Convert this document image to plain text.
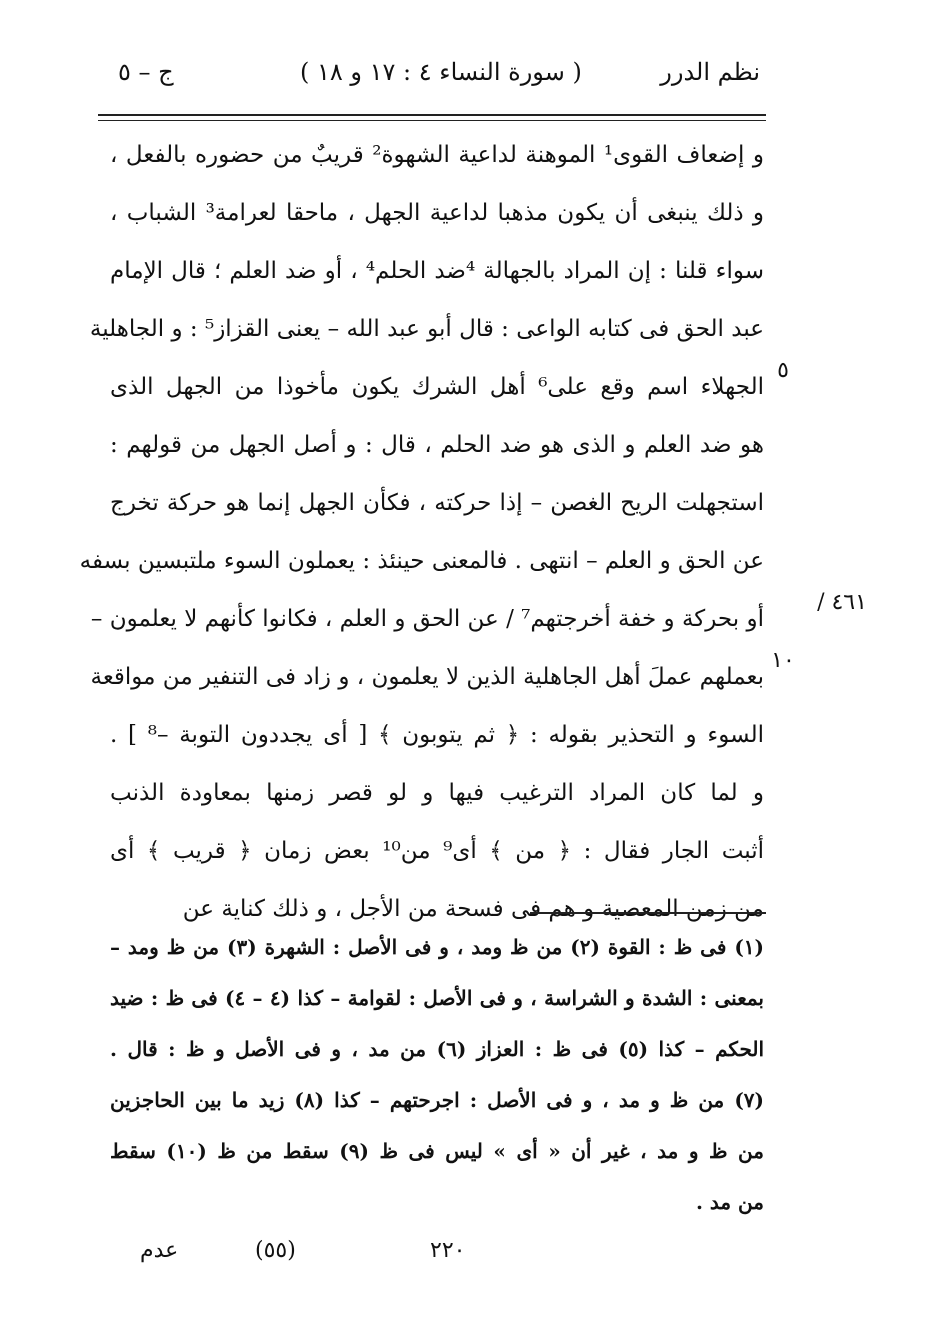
نظم الدرر
( سورة النساء ٤ : ١٧ و ١٨ )
ج – ٥
و إضعاف القوى¹ الموهنة لداعية الشهوة² قريبٌ من حضوره بالفعل ،
و ذلك ينبغى أن يكون مذهبا لداعية الجهل ، ماحقا لعرامة³ الشباب ،
سواء قلنا : إن المراد بالجهالة ⁴ضد الحلم⁴ ، أو ضد العلم ؛ قال الإمام
عبد الحق فى كتابه الواعى : قال أبو عبد الله – يعنى القزاز⁵ : و الجاهلية
الجهلاء اسم وقع على⁶ أهل الشرك يكون مأخوذا من الجهل الذى
هو ضد العلم و الذى هو ضد الحلم ، قال : و أصل الجهل من قولهم :
استجهلت الريح الغصن – إذا حركته ، فكأن الجهل إنما هو حركة تخرج
عن الحق و العلم – انتهى . فالمعنى حينئذ : يعملون السوء ملتبسين بسفه
أو بحركة و خفة أخرجتهم⁷ / عن الحق و العلم ، فكانوا كأنهم لا يعلمون –
بعملهم عملَ أهل الجاهلية الذين لا يعلمون ، و زاد فى التنفير من مواقعة
السوء و التحذير بقوله : ﴿ ثم يتوبون ﴾ [ أى يجددون التوبة –⁸ ] .
و لما كان المراد الترغيب فيها و لو قصر زمنها بمعاودة الذنب
أثبت الجار فقال : ﴿ من ﴾ أى⁹ من¹⁰ بعض زمان ﴿ قريب ﴾ أى
من زمن المعصية و هم فى فسحة من الأجل ، و ذلك كناية عن
٥
١٠
٤٦١ /
(١) فى ظ : القوة (٢) من ظ ومد ، و فى الأصل : الشهرة (٣) من ظ ومد –
بمعنى : الشدة و الشراسة ، و فى الأصل : لقوامة – كذا (٤ – ٤) فى ظ : ضيد
الحكم – كذا (٥) فى ظ : العزاز (٦) من مد ، و فى الأصل و ظ : قال .
(٧) من ظ و مد ، و فى الأصل : اجرحتهم – كذا (٨) زيد ما بين الحاجزين
من ظ و مد ، غير أن « أى » ليس فى ظ (٩) سقط من ظ (١٠) سقط
من مد .
٢٢٠
(٥٥)
عدم
